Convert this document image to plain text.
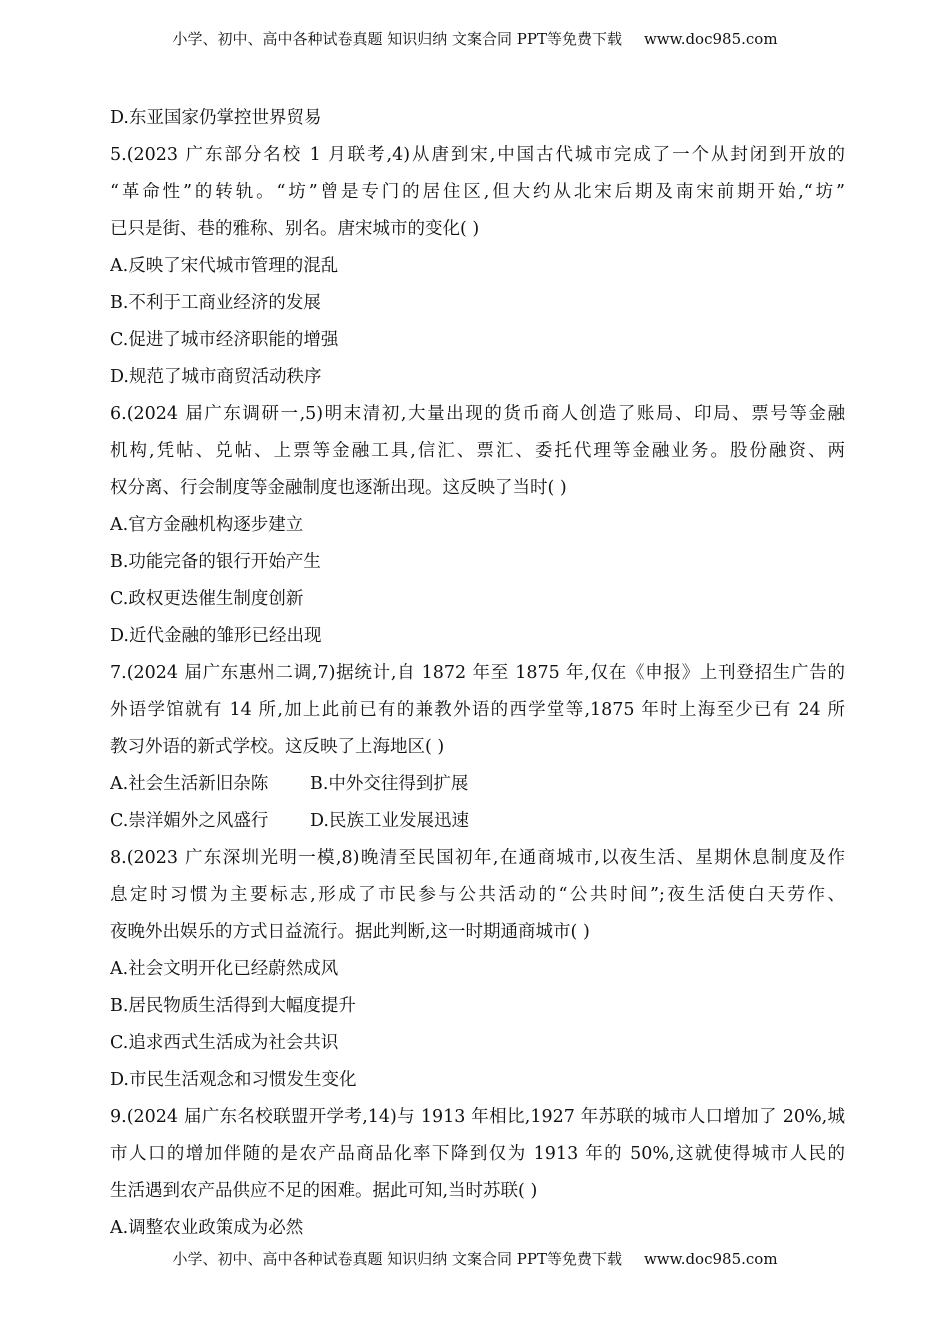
小学、初中、高中各种试卷真题 知识归纳 文案合同 PPT等免费下载 www.doc985.com
D.东亚国家仍掌控世界贸易
5.(2023 广东部分名校 1 月联考,4)从唐到宋,中国古代城市完成了一个从封闭到开放的
“革命性”的转轨。“坊”曾是专门的居住区,但大约从北宋后期及南宋前期开始,“坊”
已只是街、巷的雅称、别名。唐宋城市的变化( )
A.反映了宋代城市管理的混乱
B.不利于工商业经济的发展
C.促进了城市经济职能的增强
D.规范了城市商贸活动秩序
6.(2024 届广东调研一,5)明末清初,大量出现的货币商人创造了账局、印局、票号等金融
机构,凭帖、兑帖、上票等金融工具,信汇、票汇、委托代理等金融业务。股份融资、两
权分离、行会制度等金融制度也逐渐出现。这反映了当时( )
A.官方金融机构逐步建立
B.功能完备的银行开始产生
C.政权更迭催生制度创新
D.近代金融的雏形已经出现
7.(2024 届广东惠州二调,7)据统计,自 1872 年至 1875 年,仅在《申报》上刊登招生广告的
外语学馆就有 14 所,加上此前已有的兼教外语的西学堂等,1875 年时上海至少已有 24 所
教习外语的新式学校。这反映了上海地区( )
A.社会生活新旧杂陈 B.中外交往得到扩展
C.崇洋媚外之风盛行 D.民族工业发展迅速
8.(2023 广东深圳光明一模,8)晚清至民国初年,在通商城市,以夜生活、星期休息制度及作
息定时习惯为主要标志,形成了市民参与公共活动的“公共时间”;夜生活使白天劳作、
夜晚外出娱乐的方式日益流行。据此判断,这一时期通商城市( )
A.社会文明开化已经蔚然成风
B.居民物质生活得到大幅度提升
C.追求西式生活成为社会共识
D.市民生活观念和习惯发生变化
9.(2024 届广东名校联盟开学考,14)与 1913 年相比,1927 年苏联的城市人口增加了 20%,城
市人口的增加伴随的是农产品商品化率下降到仅为 1913 年的 50%,这就使得城市人民的
生活遇到农产品供应不足的困难。据此可知,当时苏联( )
A.调整农业政策成为必然
小学、初中、高中各种试卷真题 知识归纳 文案合同 PPT等免费下载 www.doc985.com
